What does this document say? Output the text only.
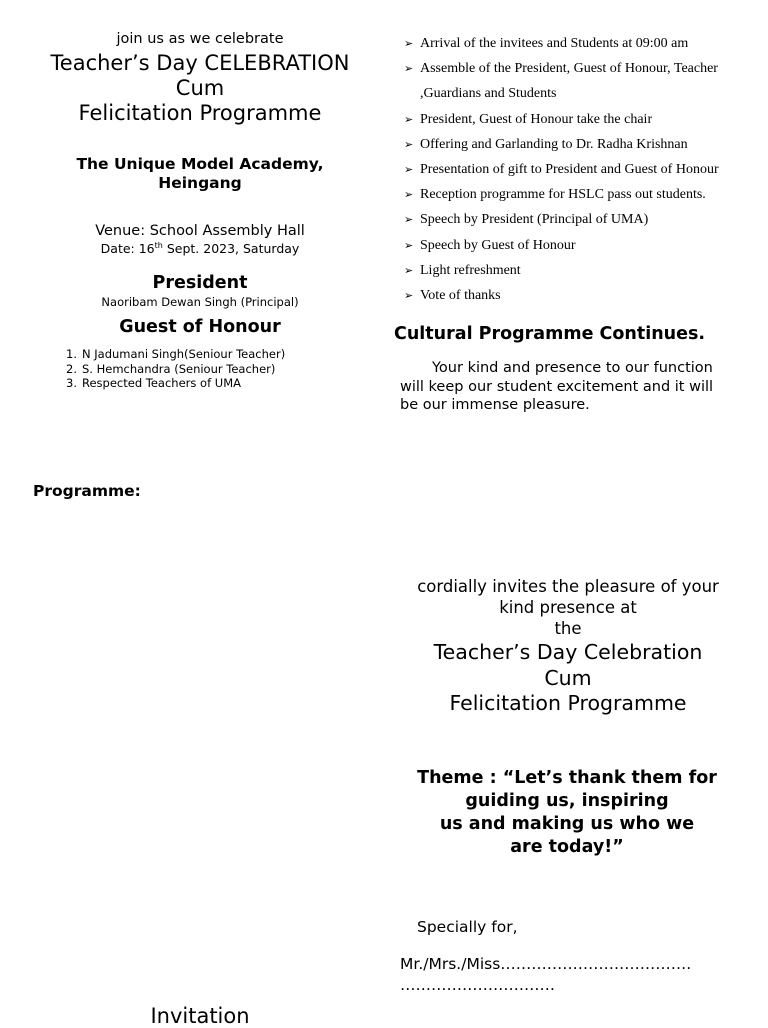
join us as we celebrate
Teacher’s Day CELEBRATION
Cum
Felicitation Programme
The Unique Model Academy, Heingang
Venue: School Assembly Hall
Date: 16th Sept. 2023, Saturday
President
Naoribam Dewan Singh (Principal)
Guest of Honour
1. N Jadumani Singh(Seniour Teacher)
2. S. Hemchandra (Seniour Teacher)
3. Respected Teachers of UMA
Programme:
Invitation
➢ Arrival of the invitees and Students at 09:00 am
➢ Assemble of the President, Guest of Honour, Teacher ,Guardians and Students
➢ President, Guest of Honour take the chair
➢ Offering and Garlanding to Dr. Radha Krishnan
➢ Presentation of gift to President and Guest of Honour
➢ Reception programme for HSLC pass out students.
➢ Speech by President (Principal of UMA)
➢ Speech by Guest of Honour
➢ Light refreshment
➢ Vote of thanks
Cultural Programme Continues.
Your kind and presence to our function will keep our student excitement and it will be our immense pleasure.
cordially invites the pleasure of your
kind presence at
the
Teacher’s Day Celebration
Cum
Felicitation Programme
Theme : “Let’s thank them for
guiding us, inspiring
us and making us who we
are today!”
Specially for,
Mr./Mrs./Miss……………………………….
…………………………
